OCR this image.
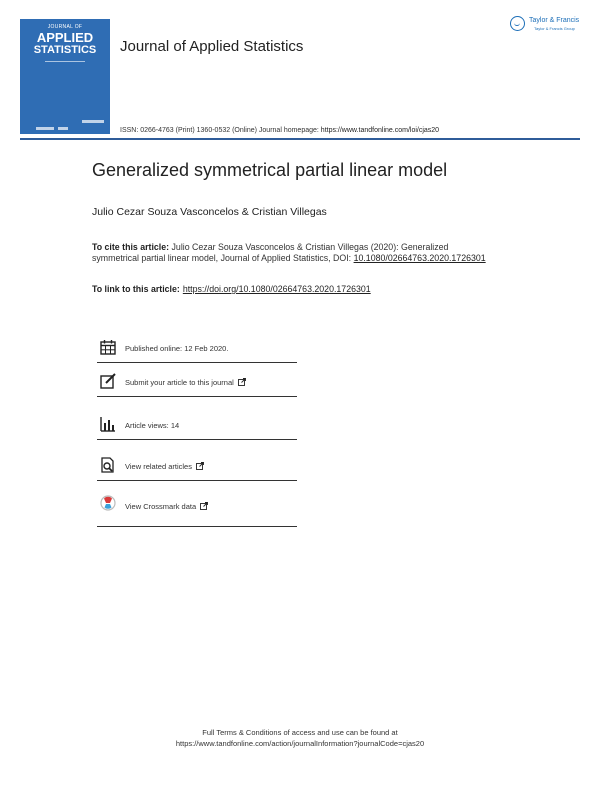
JOURNAL OF
APPLIED
STATISTICS	Journal of Applied Statistics
Taylor & Francis
Taylor & Francis Group
ISSN: 0266-4763 (Print) 1360-0532 (Online) Journal homepage: https://www.tandfonline.com/loi/cjas20
Generalized symmetrical partial linear model
Julio Cezar Souza Vasconcelos & Cristian Villegas
To cite this article: Julio Cezar Souza Vasconcelos & Cristian Villegas (2020): Generalized symmetrical partial linear model, Journal of Applied Statistics, DOI: 10.1080/02664763.2020.1726301
To link to this article: https://doi.org/10.1080/02664763.2020.1726301
Published online: 12 Feb 2020.
Submit your article to this journal
Article views: 14
View related articles
View Crossmark data
Full Terms & Conditions of access and use can be found at
https://www.tandfonline.com/action/journalInformation?journalCode=cjas20
